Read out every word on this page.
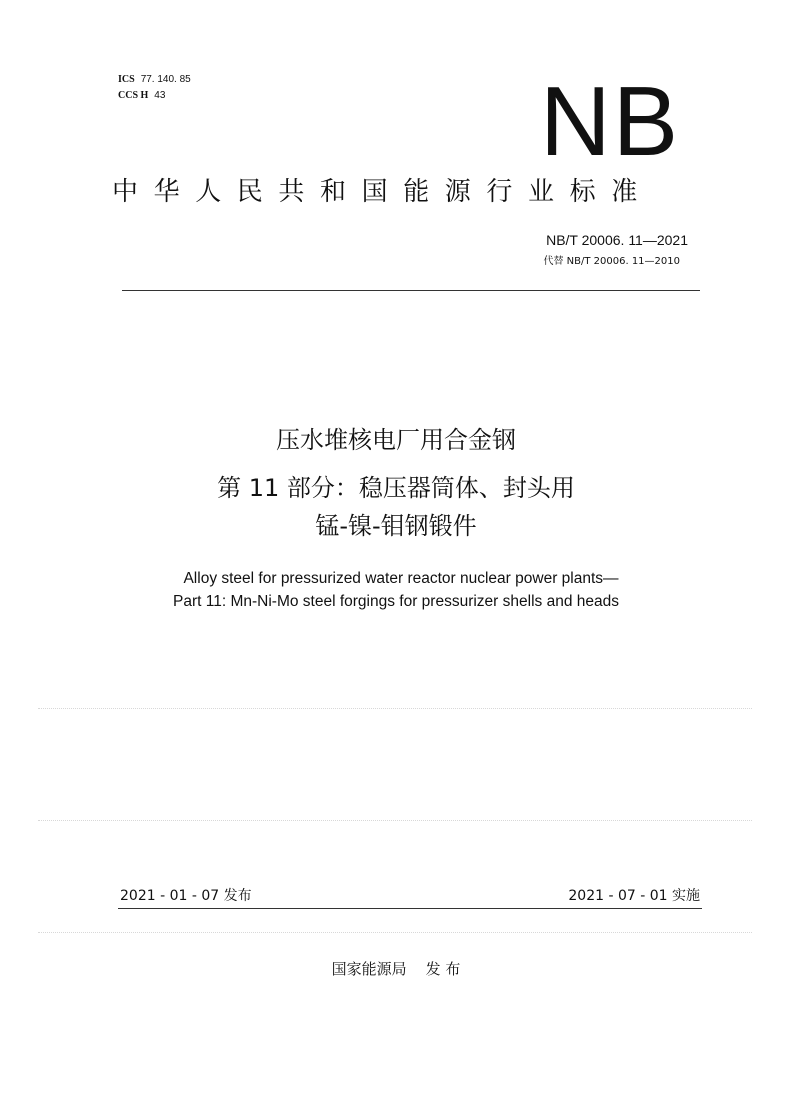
ICS 77. 140. 85
CCS H 43	NB
中华人民共和国能源行业标准
NB/T 20006. 11—2021
代替 NB/T 20006. 11—2010
压水堆核电厂用合金钢
第 11 部分：稳压器筒体、封头用
锰-镍-钼钢锻件
Alloy steel for pressurized water reactor nuclear power plants—
Part 11: Mn-Ni-Mo steel forgings for pressurizer shells and heads
2021 - 01 - 07 发布	2021 - 07 - 01 实施
国家能源局    发 布
